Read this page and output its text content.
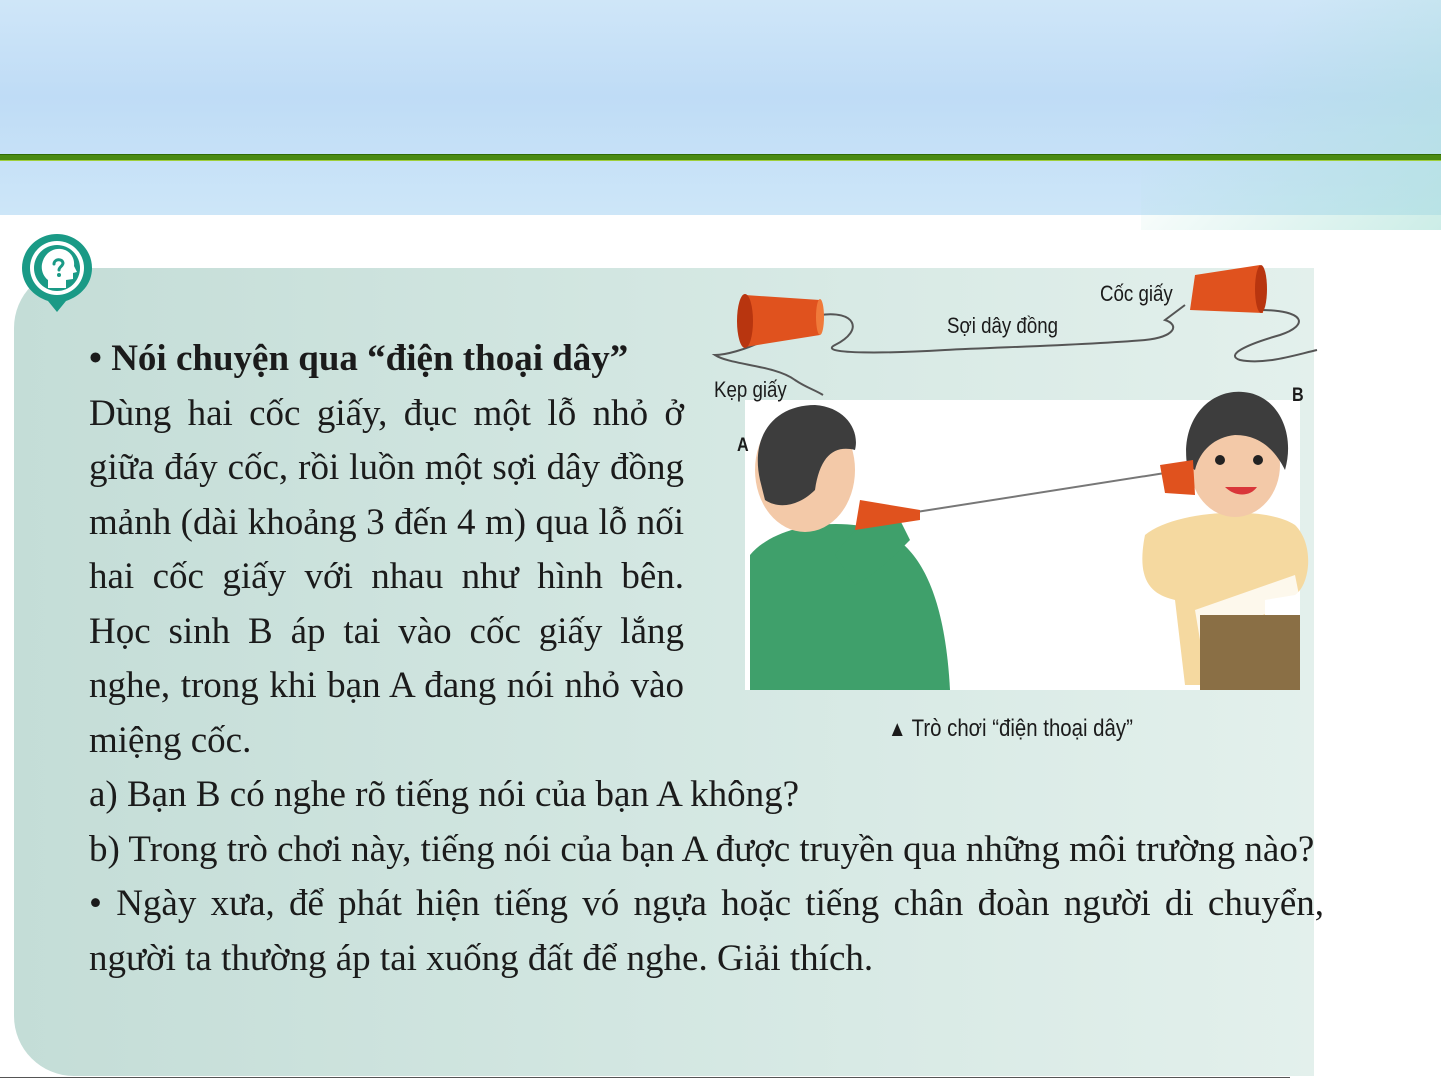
• Nói chuyện qua “điện thoại dây”
Dùng hai cốc giấy, đục một lỗ nhỏ ở giữa đáy cốc, rồi luồn một sợi dây đồng mảnh (dài khoảng 3 đến 4 m) qua lỗ nối hai cốc giấy với nhau như hình bên. Học sinh B áp tai vào cốc giấy lắng nghe, trong khi bạn A đang nói nhỏ vào miệng cốc.

a) Bạn B có nghe rõ tiếng nói của bạn A không?

b) Trong trò chơi này, tiếng nói của bạn A được truyền qua những môi trường nào?

• Ngày xưa, để phát hiện tiếng vó ngựa hoặc tiếng chân đoàn người di chuyển, người ta thường áp tai xuống đất để nghe. Giải thích.

Cốc giấy
Sợi dây đồng
Kẹp giấy
A
B
▲ Trò chơi “điện thoại dây”
